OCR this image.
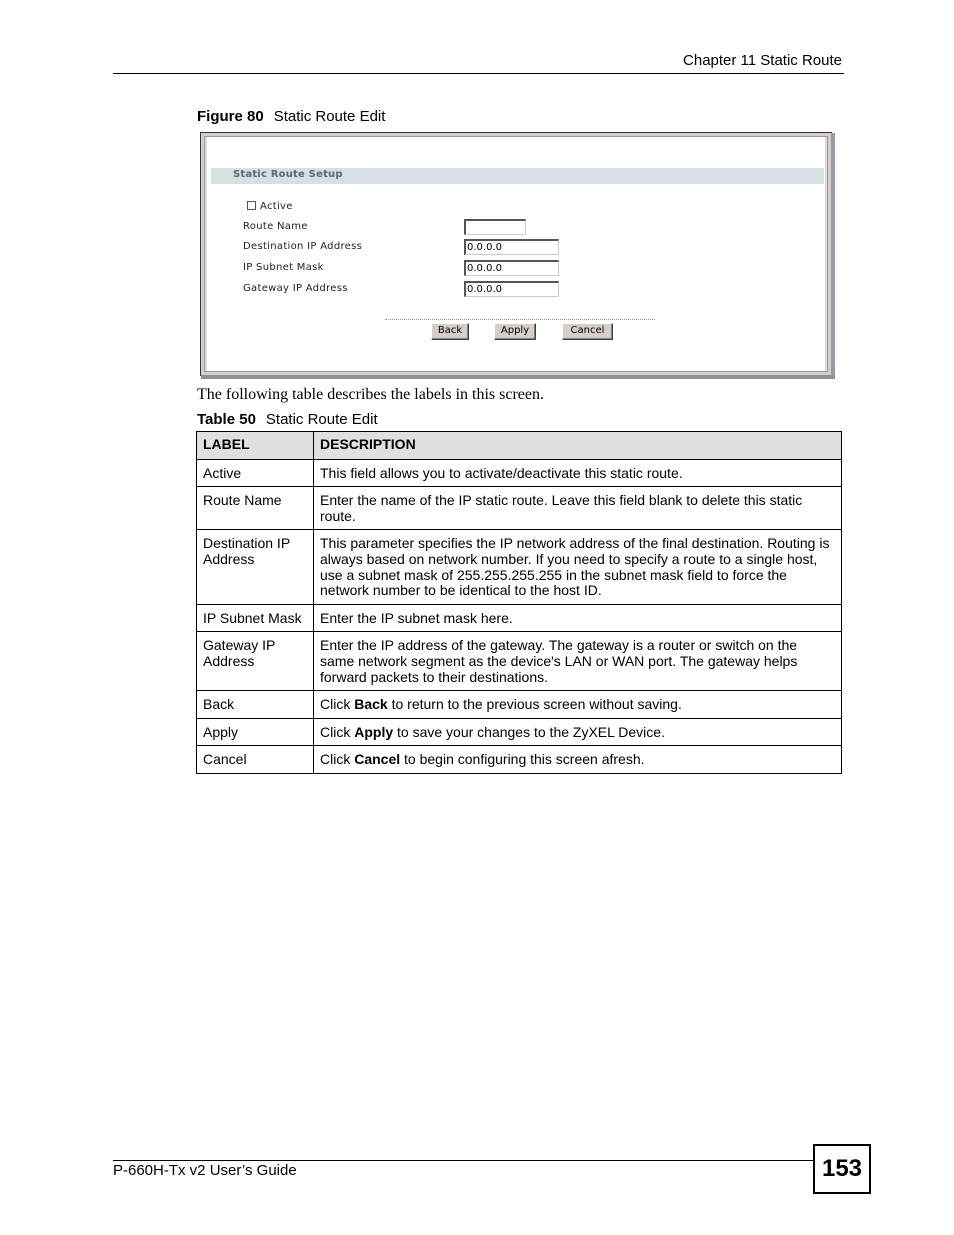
Chapter 11 Static Route
Figure 80 Static Route Edit
Static Route Setup
Active
Route Name
Destination IP Address	0.0.0.0
IP Subnet Mask	0.0.0.0
Gateway IP Address	0.0.0.0
Back	Apply	Cancel
The following table describes the labels in this screen.
Table 50 Static Route Edit
LABEL	DESCRIPTION
Active	This field allows you to activate/deactivate this static route.
Route Name	Enter the name of the IP static route. Leave this field blank to delete this static route.
Destination IP Address	This parameter specifies the IP network address of the final destination. Routing is always based on network number. If you need to specify a route to a single host, use a subnet mask of 255.255.255.255 in the subnet mask field to force the network number to be identical to the host ID.
IP Subnet Mask	Enter the IP subnet mask here.
Gateway IP Address	Enter the IP address of the gateway. The gateway is a router or switch on the same network segment as the device's LAN or WAN port. The gateway helps forward packets to their destinations.
Back	Click Back to return to the previous screen without saving.
Apply	Click Apply to save your changes to the ZyXEL Device.
Cancel	Click Cancel to begin configuring this screen afresh.
P-660H-Tx v2 User’s Guide	153
